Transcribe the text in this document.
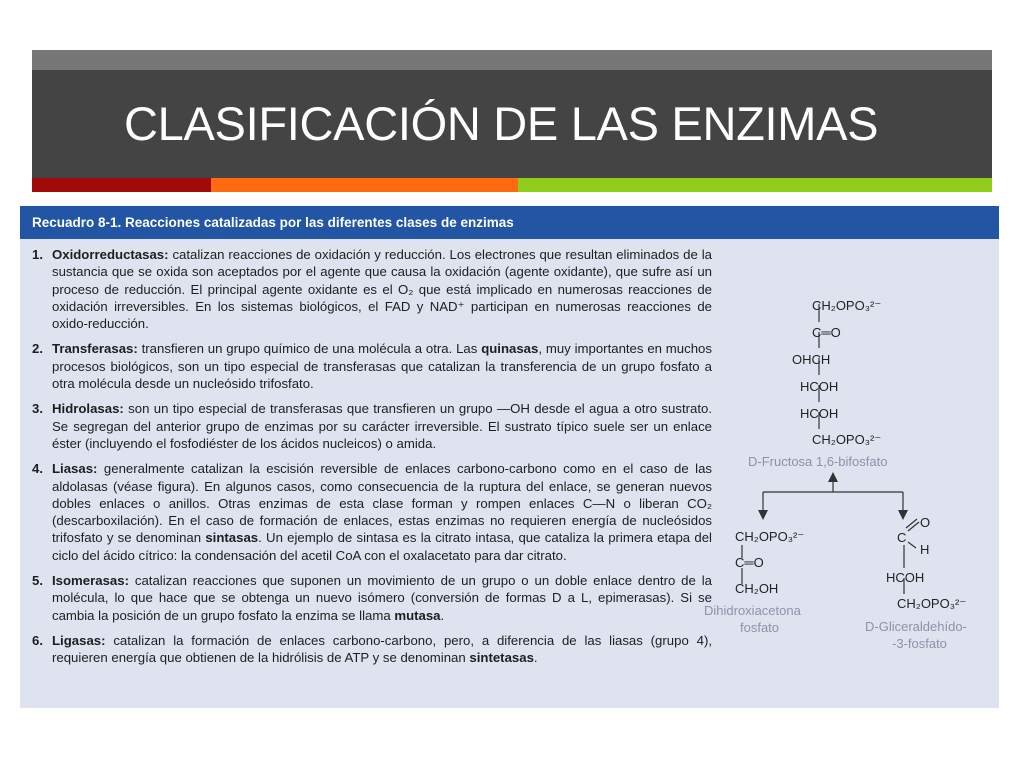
CLASIFICACIÓN DE LAS ENZIMAS
Recuadro 8-1. Reacciones catalizadas por las diferentes clases de enzimas
1. Oxidorreductasas: catalizan reacciones de oxidación y reducción. Los electrones que resultan eliminados de la sustancia que se oxida son aceptados por el agente que causa la oxidación (agente oxidante), que sufre así un proceso de reducción. El principal agente oxidante es el O₂ que está implicado en numerosas reacciones de oxidación irreversibles. En los sistemas biológicos, el FAD y NAD⁺ participan en numerosas reacciones de oxido-reducción.
2. Transferasas: transfieren un grupo químico de una molécula a otra. Las quinasas, muy importantes en muchos procesos biológicos, son un tipo especial de transferasas que catalizan la transferencia de un grupo fosfato a otra molécula desde un nucleósido trifosfato.
3. Hidrolasas: son un tipo especial de transferasas que transfieren un grupo —OH desde el agua a otro sustrato. Se segregan del anterior grupo de enzimas por su carácter irreversible. El sustrato típico suele ser un enlace éster (incluyendo el fosfodiéster de los ácidos nucleicos) o amida.
4. Liasas: generalmente catalizan la escisión reversible de enlaces carbono-carbono como en el caso de las aldolasas (véase figura). En algunos casos, como consecuencia de la ruptura del enlace, se generan nuevos dobles enlaces o anillos. Otras enzimas de esta clase forman y rompen enlaces C—N o liberan CO₂ (descarboxilación). En el caso de formación de enlaces, estas enzimas no requieren energía de nucleósidos trifosfato y se denominan sintasas. Un ejemplo de sintasa es la citrato intasa, que cataliza la primera etapa del ciclo del ácido cítrico: la condensación del acetil CoA con el oxalacetato para dar citrato.
5. Isomerasas: catalizan reacciones que suponen un movimiento de un grupo o un doble enlace dentro de la molécula, lo que hace que se obtenga un nuevo isómero (conversión de formas D a L, epimerasas). Si se cambia la posición de un grupo fosfato la enzima se llama mutasa.
6. Ligasas: catalizan la formación de enlaces carbono-carbono, pero, a diferencia de las liasas (grupo 4), requieren energía que obtienen de la hidrólisis de ATP y se denominan sintetasas.
CH₂OPO₃²⁻
C═O
OHCH
HCOH
HCOH
CH₂OPO₃²⁻
D-Fructosa 1,6-bifosfato
CH₂OPO₃²⁻
C═O
CH₂OH
Dihidroxiacetona
fosfato
C
O
H
HCOH
CH₂OPO₃²⁻
D-Gliceraldehído-
-3-fosfato
